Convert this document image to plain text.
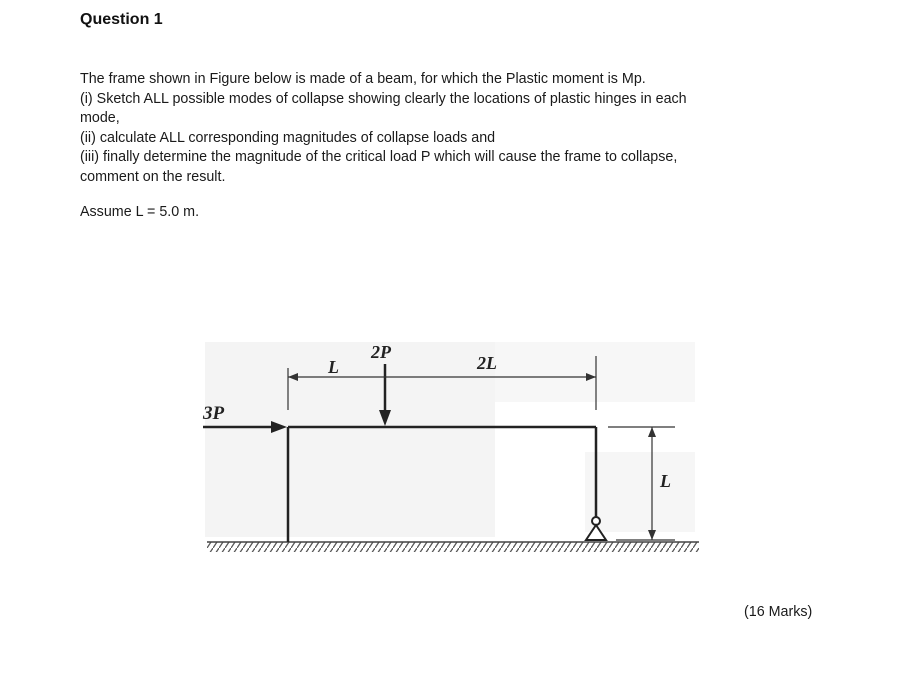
Question 1
The frame shown in Figure below is made of a beam, for which the Plastic moment is Mp.
(i) Sketch ALL possible modes of collapse showing clearly the locations of plastic hinges in each
mode,
(ii) calculate ALL corresponding magnitudes of collapse loads and
(iii) finally determine the magnitude of the critical load P which will cause the frame to collapse,
comment on the result.
Assume L = 5.0 m.
3P
2P
L	2L
L
(16 Marks)
